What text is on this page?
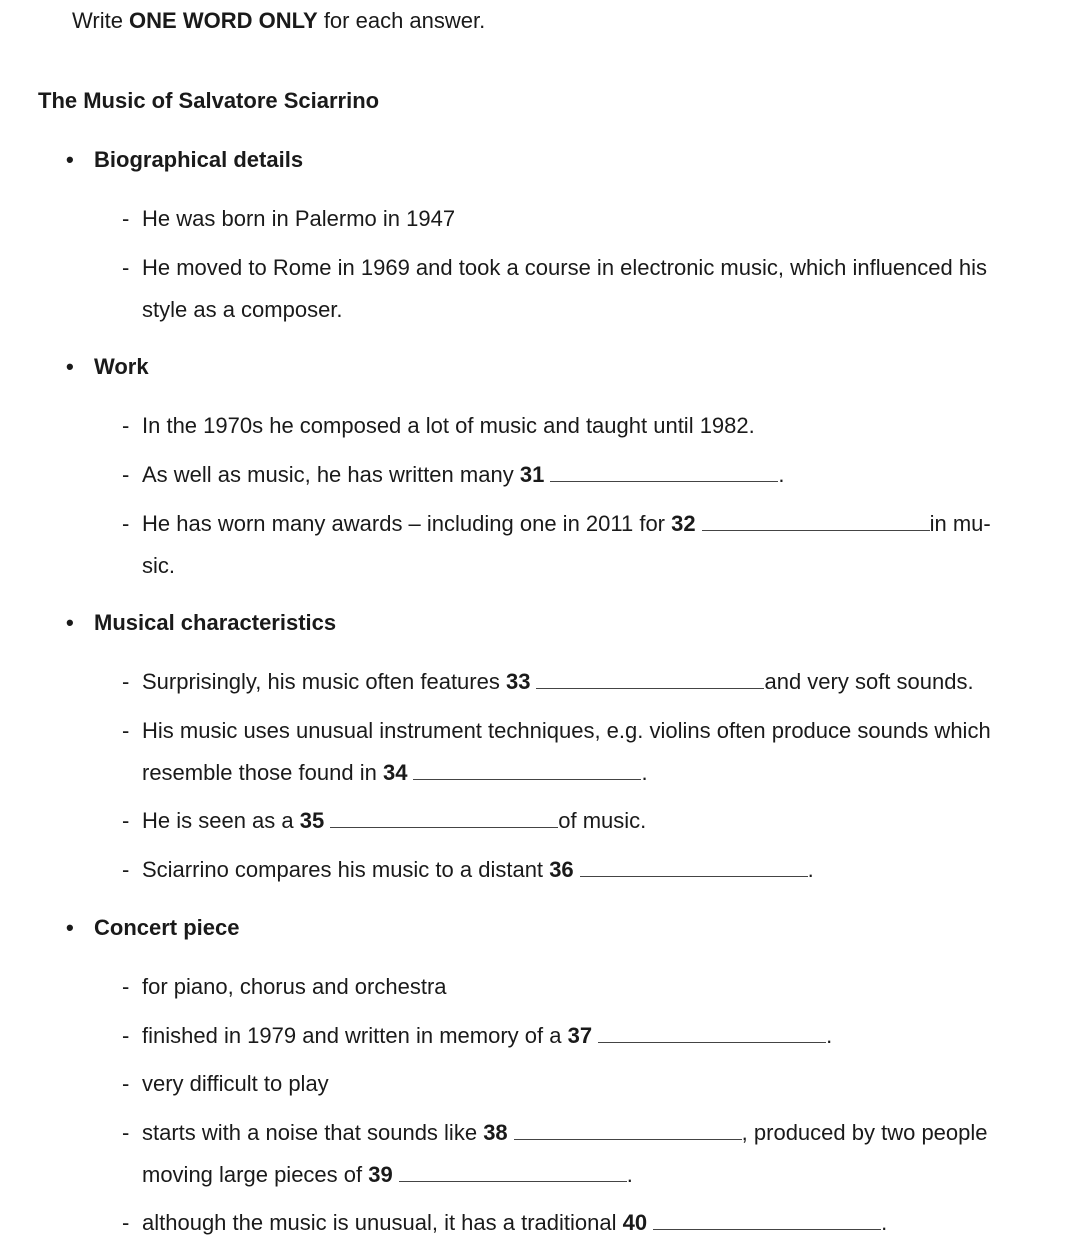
Write ONE WORD ONLY for each answer.
The Music of Salvatore Sciarrino
• Biographical details
- He was born in Palermo in 1947
- He moved to Rome in 1969 and took a course in electronic music, which influenced his
style as a composer.
• Work
- In the 1970s he composed a lot of music and taught until 1982.
- As well as music, he has written many 31	.
- He has worn many awards – including one in 2011 for 32	in mu-
sic.
• Musical characteristics
- Surprisingly, his music often features 33	and very soft sounds.
- His music uses unusual instrument techniques, e.g. violins often produce sounds which
resemble those found in 34	.
- He is seen as a 35	of music.
- Sciarrino compares his music to a distant 36	.
• Concert piece
- for piano, chorus and orchestra
- finished in 1979 and written in memory of a 37	.
- very difficult to play
- starts with a noise that sounds like 38	, produced by two people
moving large pieces of 39	.
- although the music is unusual, it has a traditional 40	.
